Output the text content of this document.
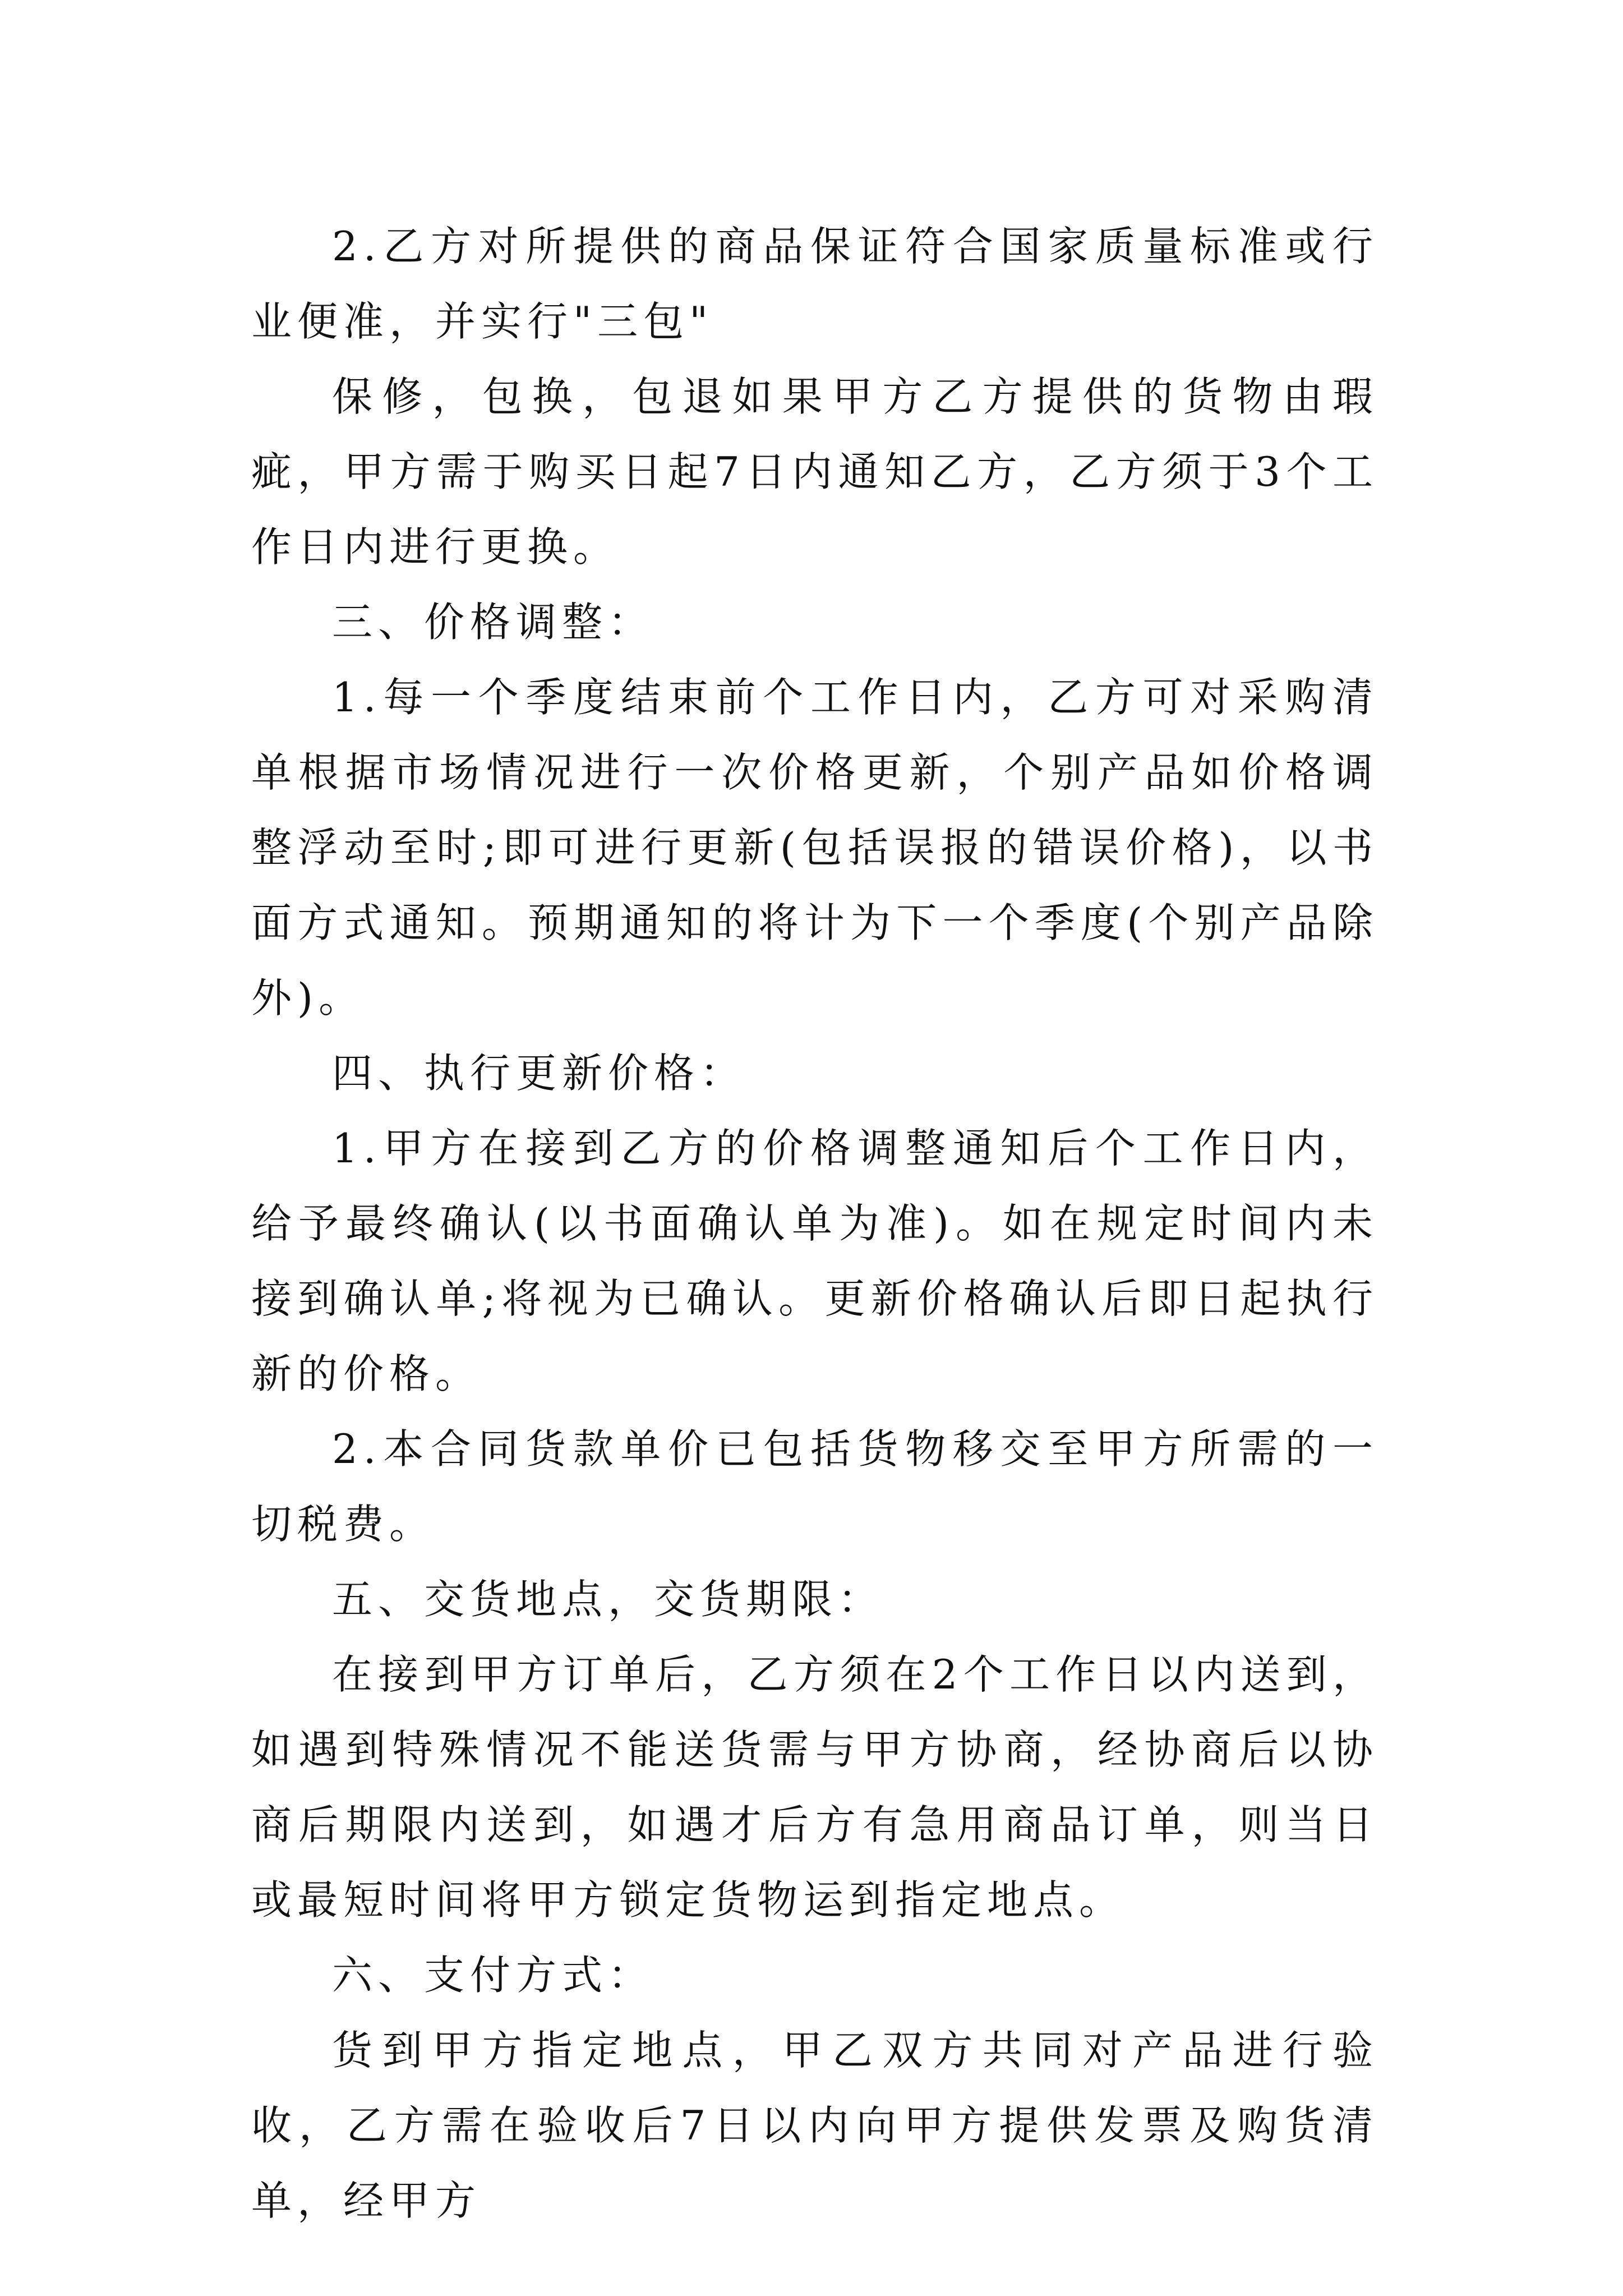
2.乙方对所提供的商品保证符合国家质量标准或行业便准，并实行"三包"

保修，包换，包退如果甲方乙方提供的货物由瑕疵，甲方需于购买日起7日内通知乙方，乙方须于3个工作日内进行更换。

三、价格调整：

1.每一个季度结束前个工作日内，乙方可对采购清单根据市场情况进行一次价格更新，个别产品如价格调整浮动至时;即可进行更新(包括误报的错误价格)，以书面方式通知。预期通知的将计为下一个季度(个别产品除外)。

四、执行更新价格：

1.甲方在接到乙方的价格调整通知后个工作日内，给予最终确认(以书面确认单为准)。如在规定时间内未接到确认单;将视为已确认。更新价格确认后即日起执行新的价格。

2.本合同货款单价已包括货物移交至甲方所需的一切税费。

五、交货地点，交货期限：

在接到甲方订单后，乙方须在2个工作日以内送到，如遇到特殊情况不能送货需与甲方协商，经协商后以协商后期限内送到，如遇才后方有急用商品订单，则当日或最短时间将甲方锁定货物运到指定地点。

六、支付方式：

货到甲方指定地点，甲乙双方共同对产品进行验收，乙方需在验收后7日以内向甲方提供发票及购货清单，经甲方
